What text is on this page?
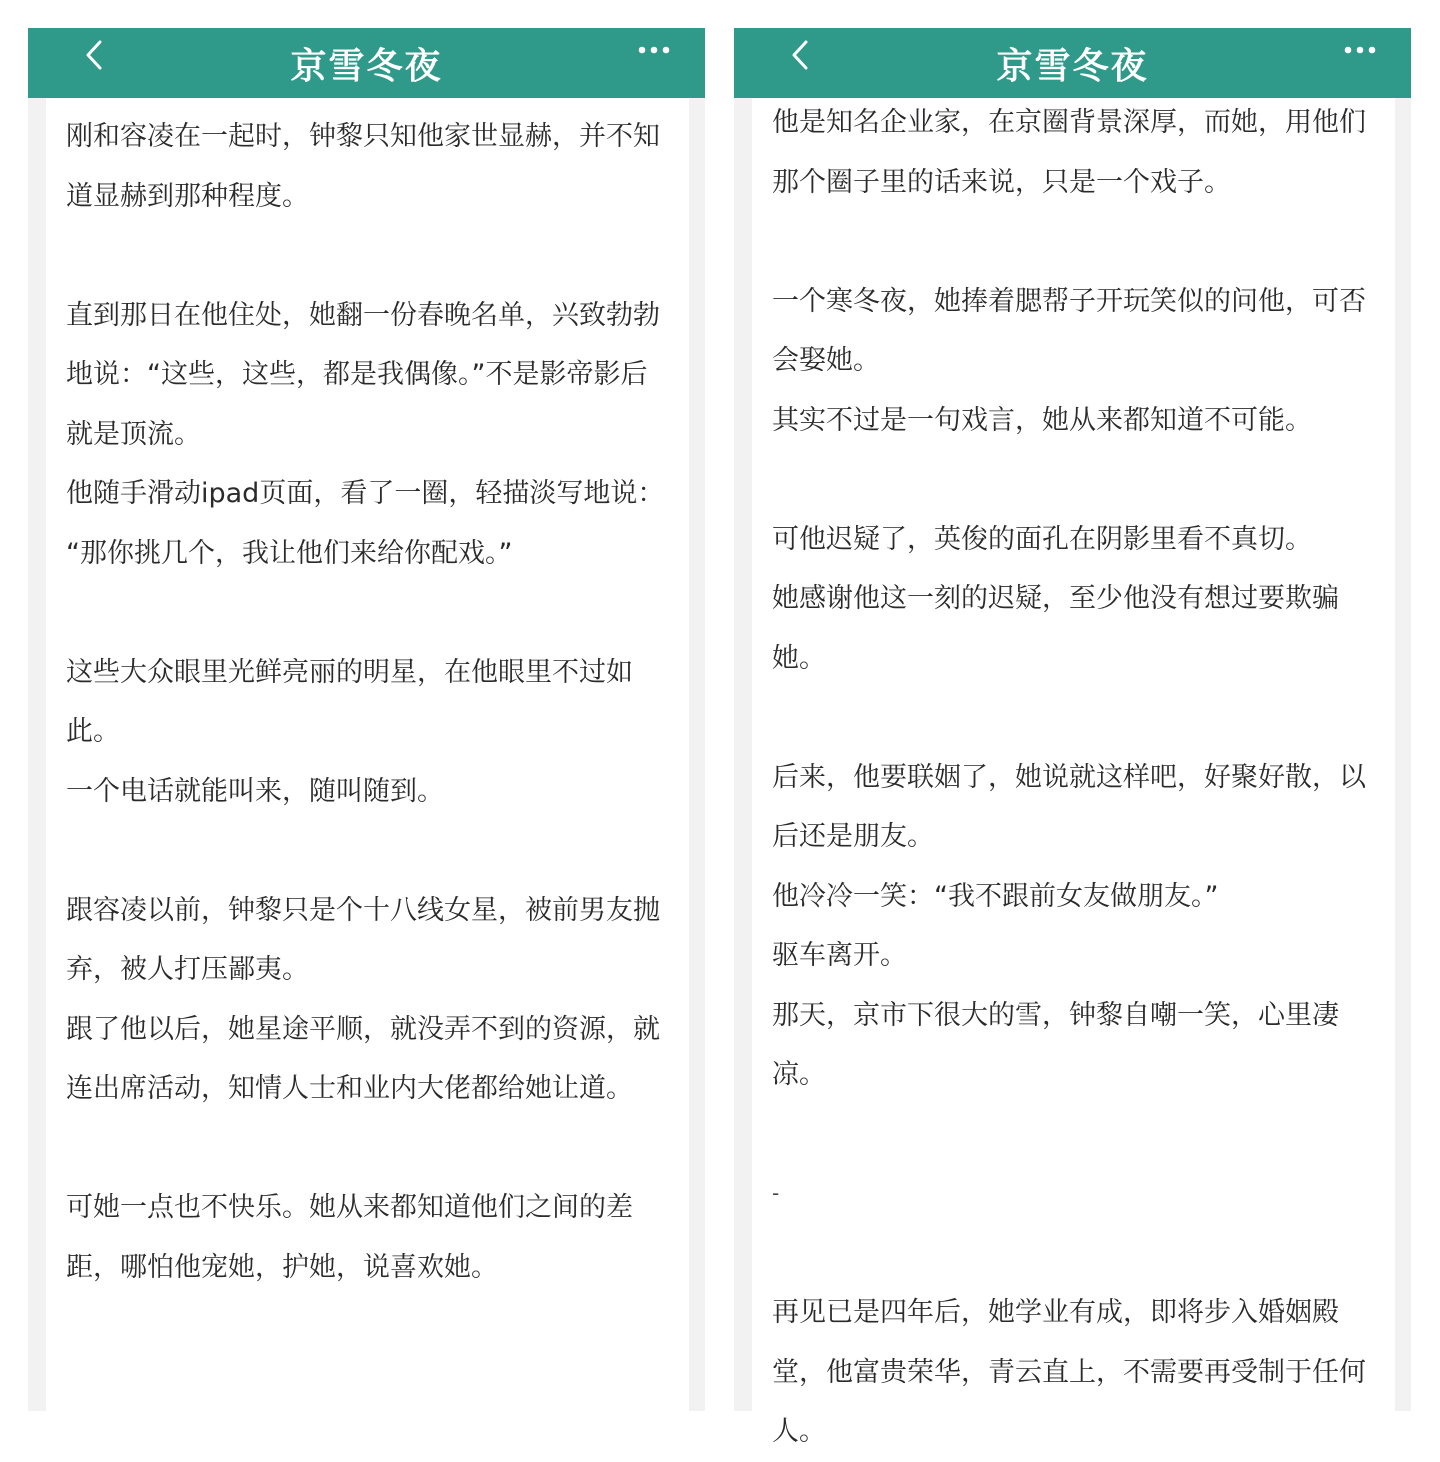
京雪冬夜
刚和容凌在一起时，钟黎只知他家世显赫，并不知道显赫到那种程度。
直到那日在他住处，她翻一份春晚名单，兴致勃勃地说：“这些，这些，都是我偶像。”不是影帝影后就是顶流。
他随手滑动ipad页面，看了一圈，轻描淡写地说：
“那你挑几个，我让他们来给你配戏。”
这些大众眼里光鲜亮丽的明星，在他眼里不过如此。
一个电话就能叫来，随叫随到。
跟容凌以前，钟黎只是个十八线女星，被前男友抛弃，被人打压鄙夷。
跟了他以后，她星途平顺，就没弄不到的资源，就连出席活动，知情人士和业内大佬都给她让道。
可她一点也不快乐。她从来都知道他们之间的差距，哪怕他宠她，护她，说喜欢她。
京雪冬夜
他是知名企业家，在京圈背景深厚，而她，用他们那个圈子里的话来说，只是一个戏子。
一个寒冬夜，她捧着腮帮子开玩笑似的问他，可否会娶她。
其实不过是一句戏言，她从来都知道不可能。
可他迟疑了，英俊的面孔在阴影里看不真切。
她感谢他这一刻的迟疑，至少他没有想过要欺骗她。
后来，他要联姻了，她说就这样吧，好聚好散，以后还是朋友。
他冷冷一笑：“我不跟前女友做朋友。”
驱车离开。
那天，京市下很大的雪，钟黎自嘲一笑，心里凄凉。
-
再见已是四年后，她学业有成，即将步入婚姻殿堂，他富贵荣华，青云直上，不需要再受制于任何人。
